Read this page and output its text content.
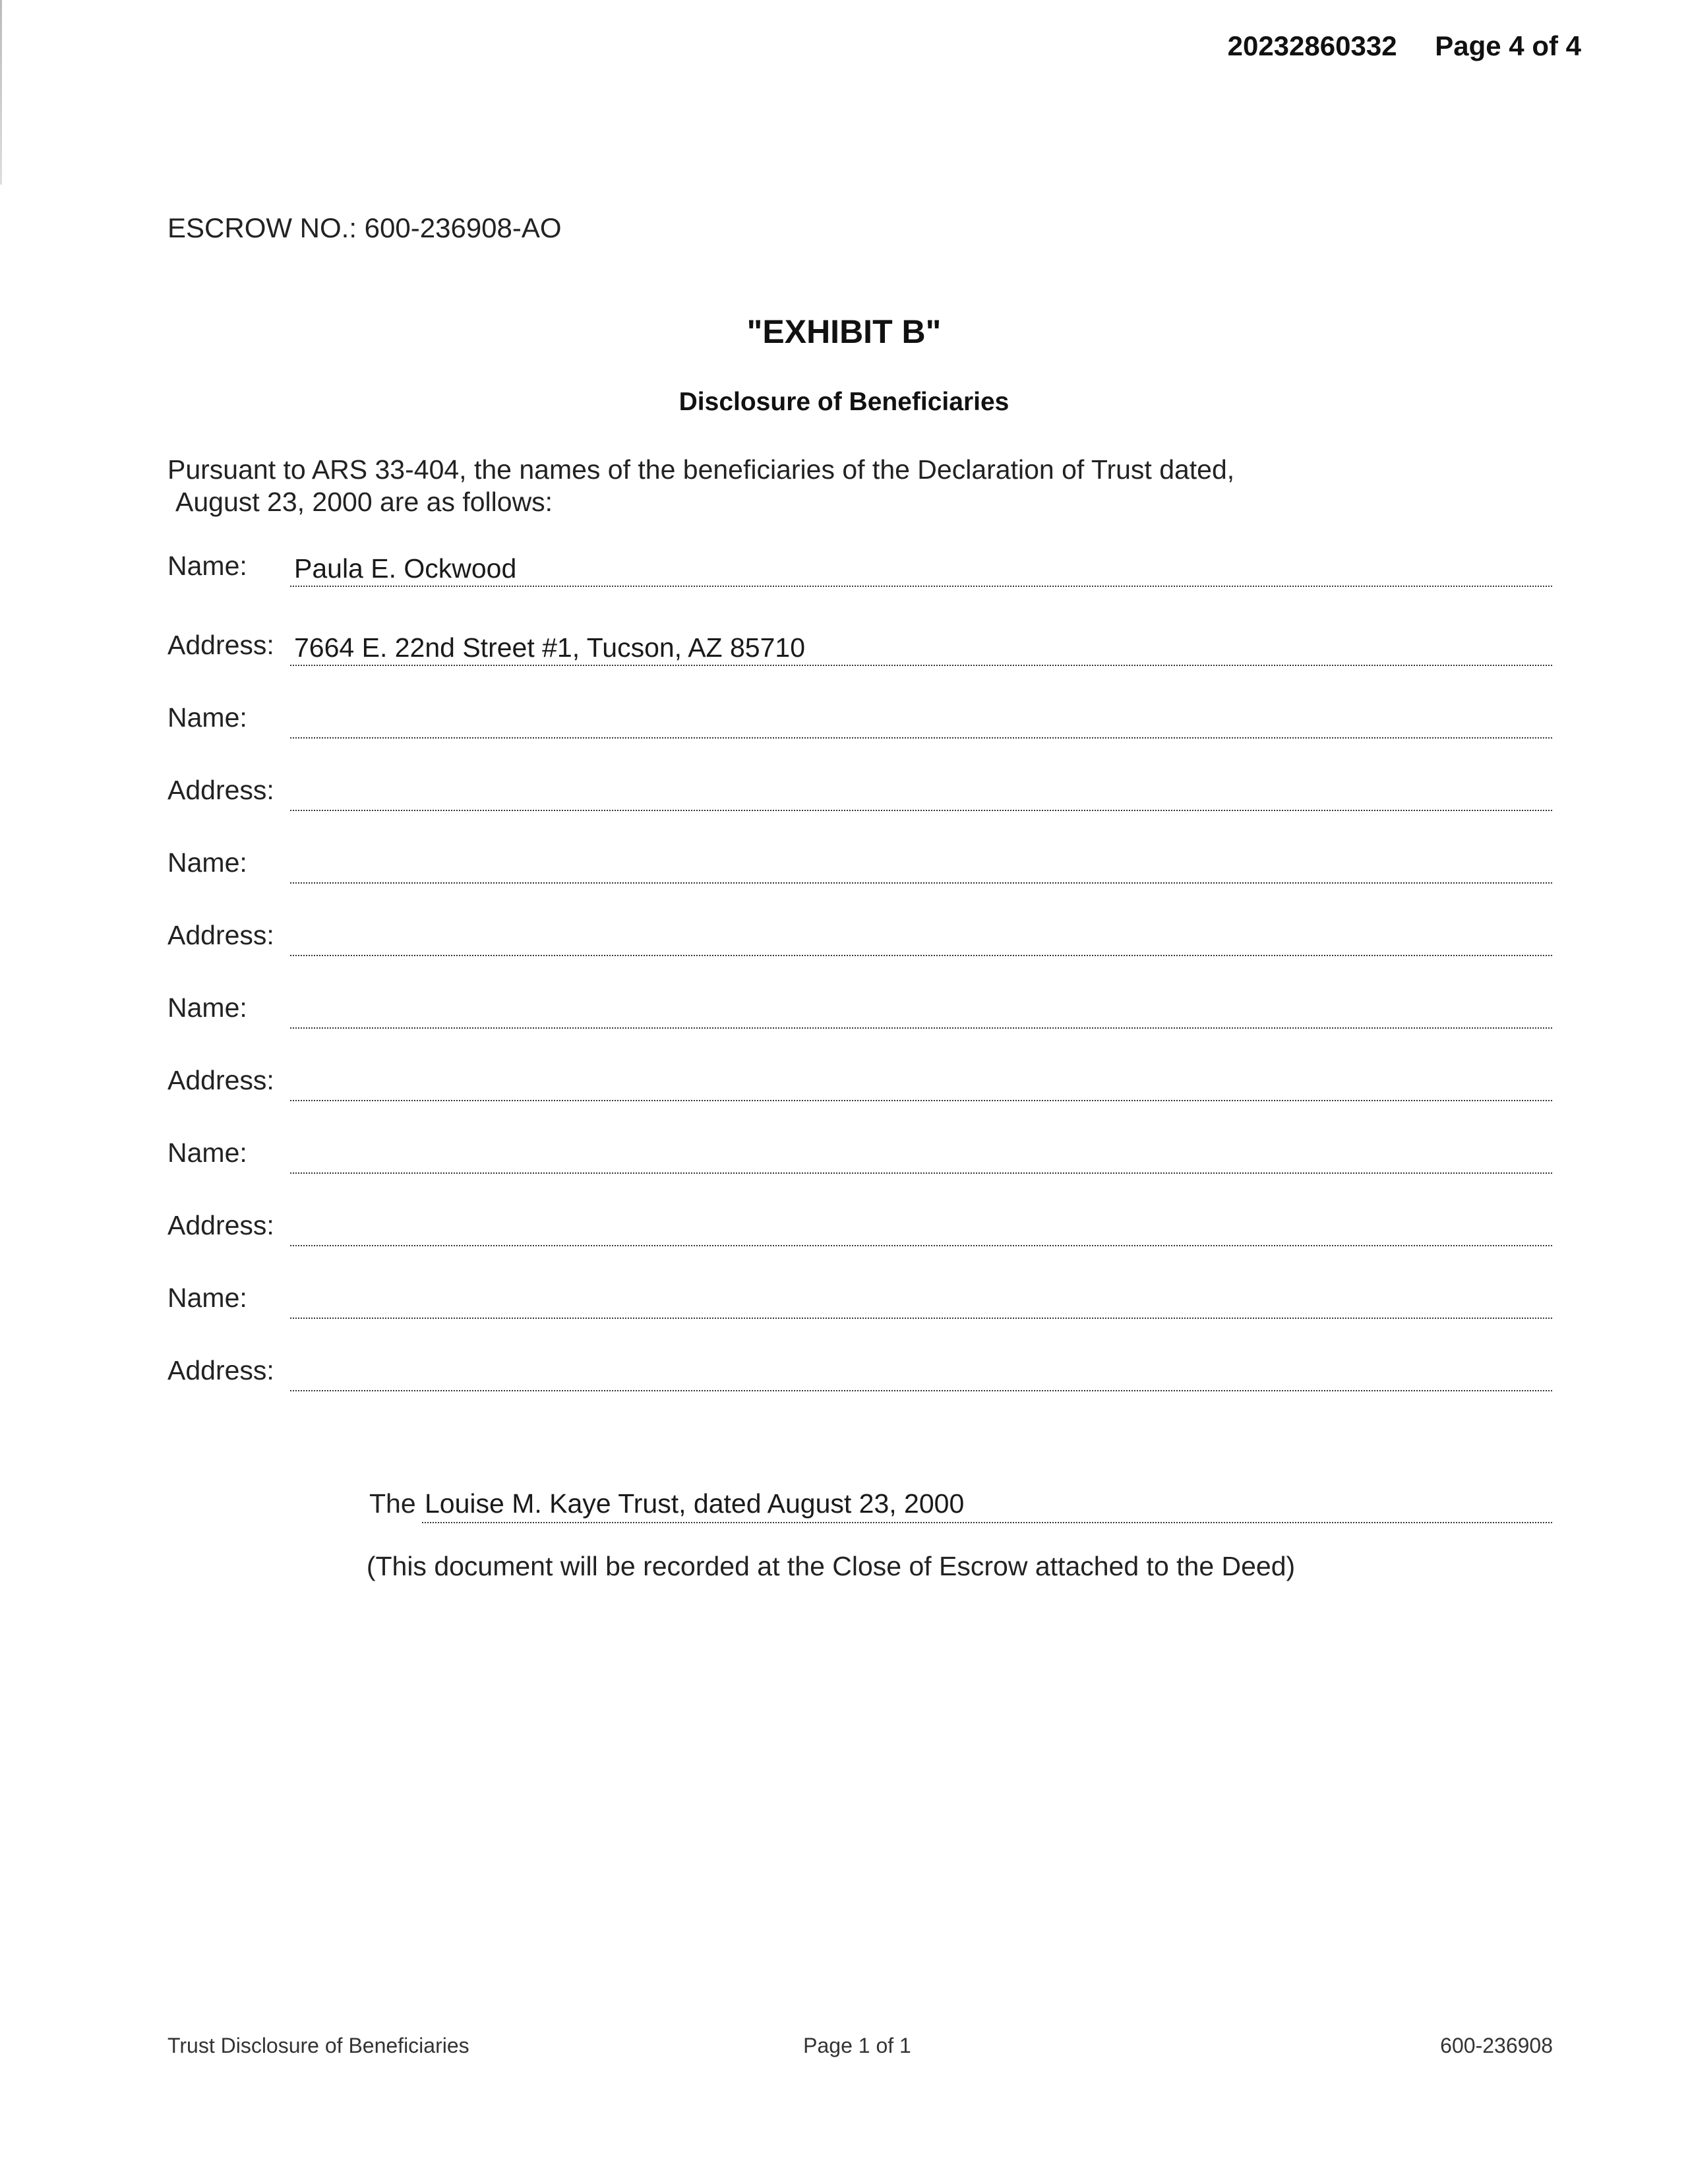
20232860332 Page 4 of 4
ESCROW NO.: 600-236908-AO
"EXHIBIT B"
Disclosure of Beneficiaries
Pursuant to ARS 33-404, the names of the beneficiaries of the Declaration of Trust dated,
August 23, 2000 are as follows:
Name: Paula E. Ockwood
Address: 7664 E. 22nd Street #1, Tucson, AZ 85710
Name:
Address:
Name:
Address:
Name:
Address:
Name:
Address:
Name:
Address:
The Louise M. Kaye Trust, dated August 23, 2000
(This document will be recorded at the Close of Escrow attached to the Deed)
Trust Disclosure of Beneficiaries	Page 1 of 1	600-236908
